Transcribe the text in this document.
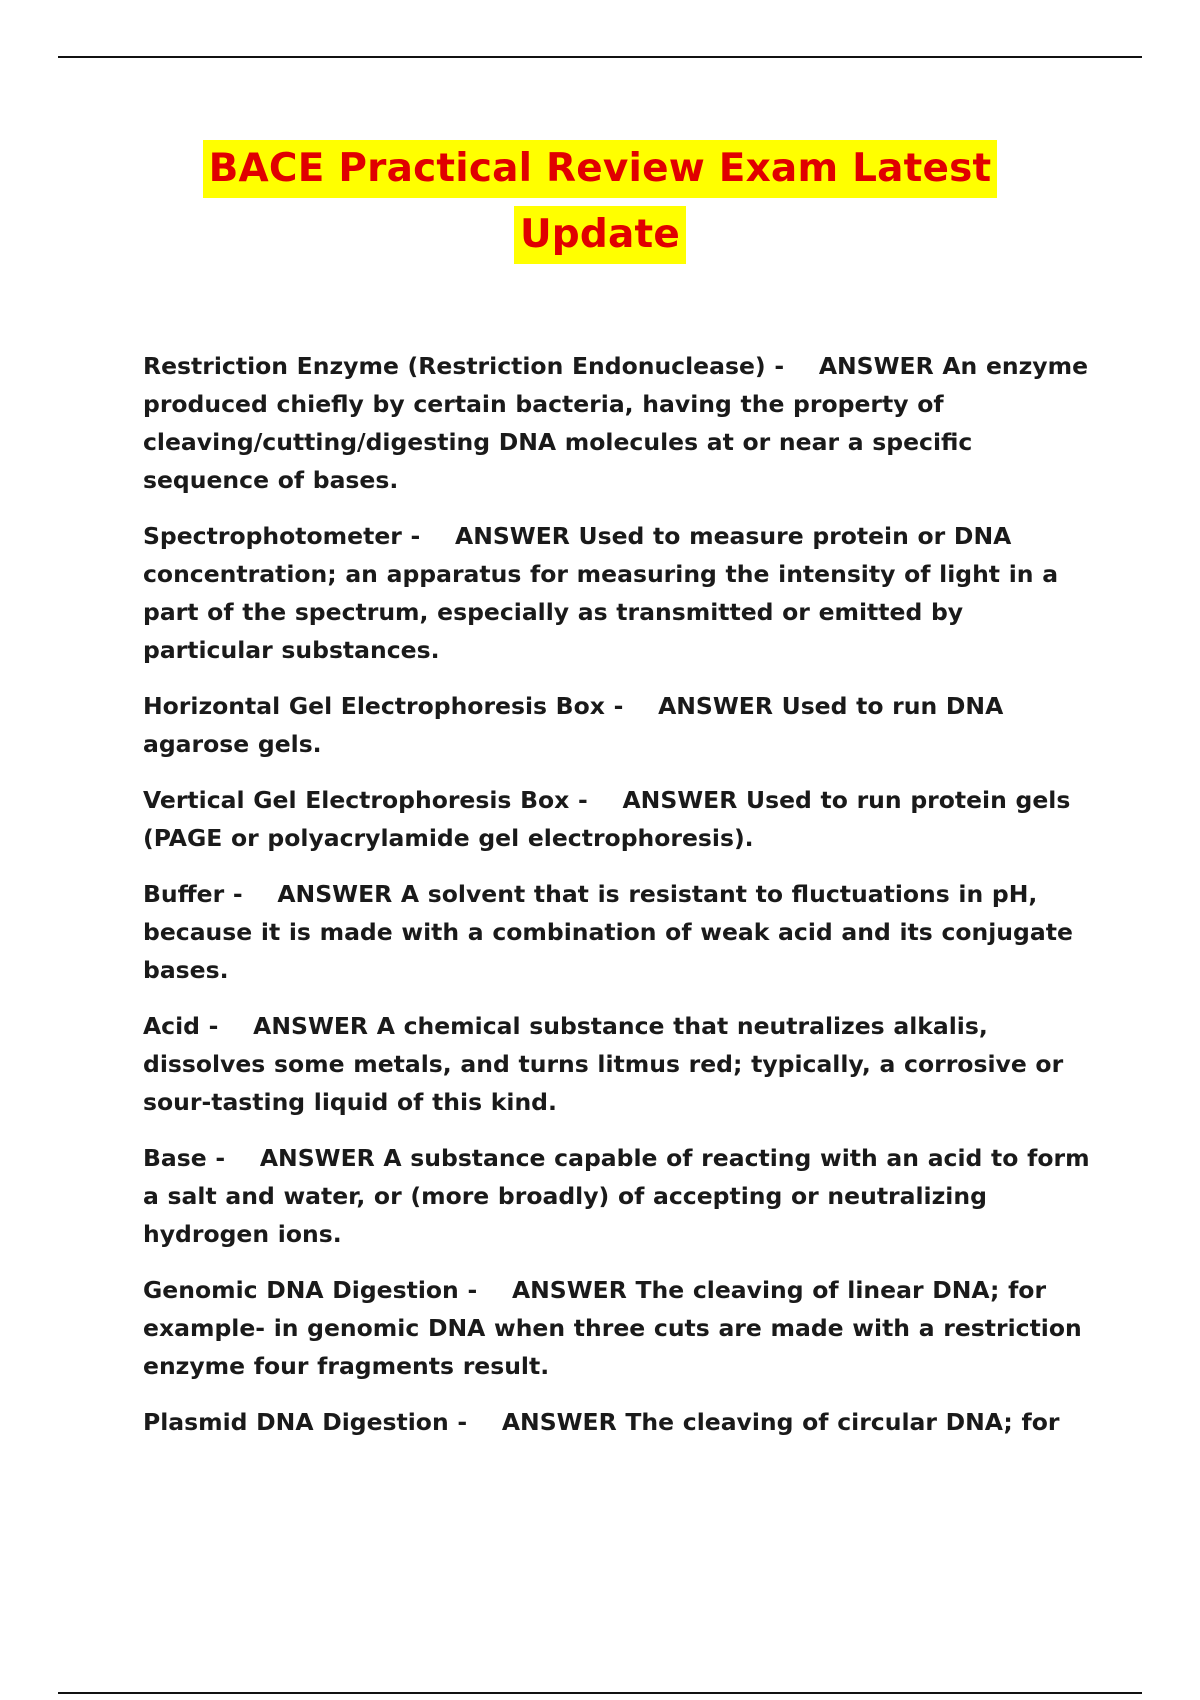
BACE Practical Review Exam Latest
Update

Restriction Enzyme (Restriction Endonuclease) - ANSWER An enzyme produced chiefly by certain bacteria, having the property of cleaving/cutting/digesting DNA molecules at or near a specific sequence of bases.

Spectrophotometer - ANSWER Used to measure protein or DNA concentration; an apparatus for measuring the intensity of light in a part of the spectrum, especially as transmitted or emitted by particular substances.

Horizontal Gel Electrophoresis Box - ANSWER Used to run DNA agarose gels.

Vertical Gel Electrophoresis Box - ANSWER Used to run protein gels (PAGE or polyacrylamide gel electrophoresis).

Buffer - ANSWER A solvent that is resistant to fluctuations in pH, because it is made with a combination of weak acid and its conjugate bases.

Acid - ANSWER A chemical substance that neutralizes alkalis, dissolves some metals, and turns litmus red; typically, a corrosive or sour-tasting liquid of this kind.

Base - ANSWER A substance capable of reacting with an acid to form a salt and water, or (more broadly) of accepting or neutralizing hydrogen ions.

Genomic DNA Digestion - ANSWER The cleaving of linear DNA; for example- in genomic DNA when three cuts are made with a restriction enzyme four fragments result.

Plasmid DNA Digestion - ANSWER The cleaving of circular DNA; for
